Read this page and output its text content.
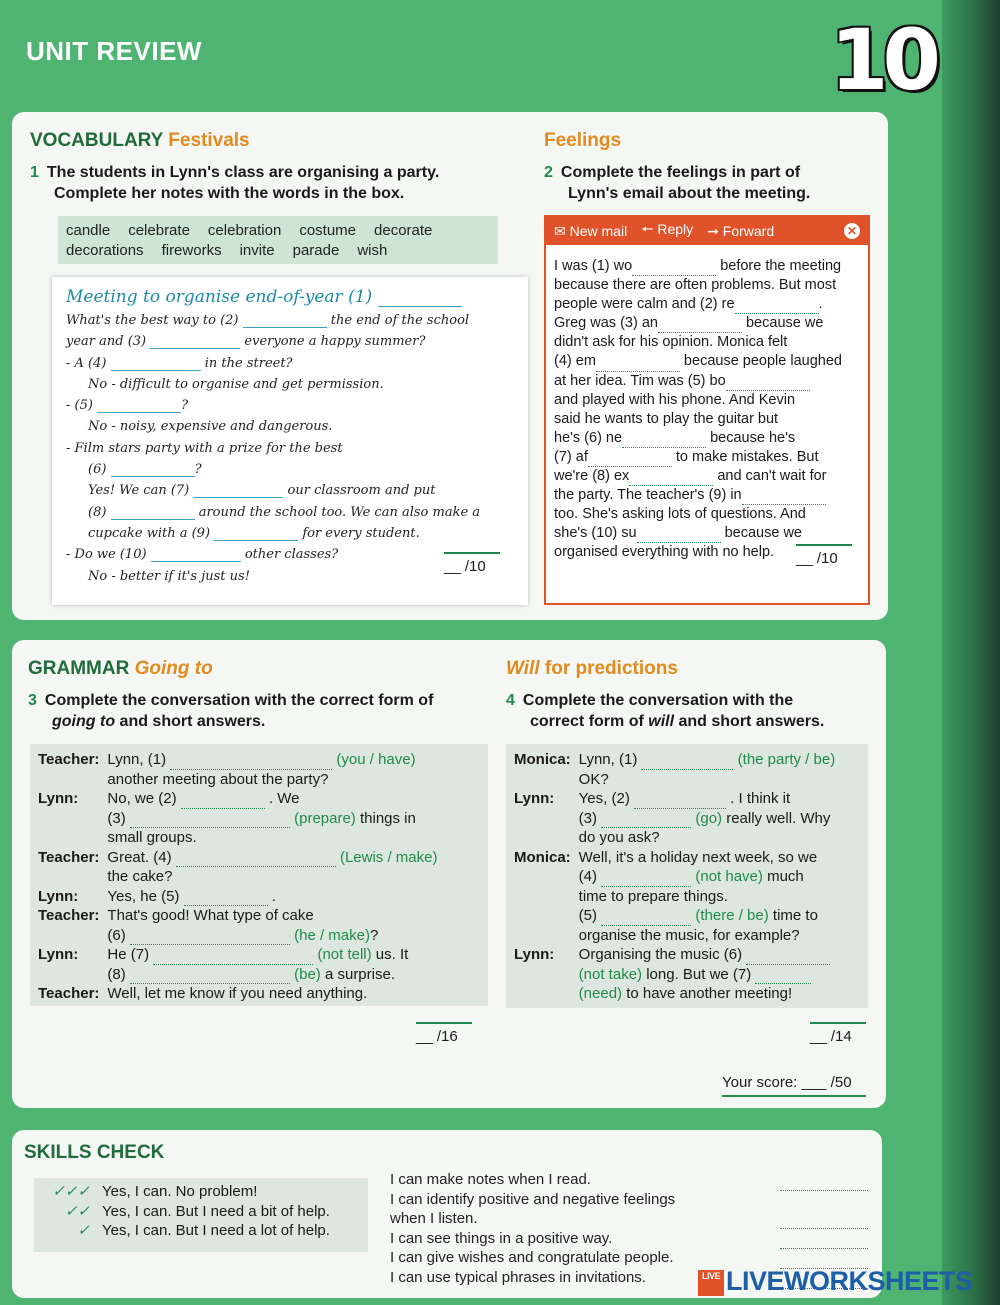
UNIT REVIEW	10
VOCABULARY Festivals
1 The students in Lynn's class are organising a party.
Complete her notes with the words in the box.
candle celebrate celebration costume decorate
decorations fireworks invite parade wish
Meeting to organise end-of-year (1)
What's the best way to (2)	the end of the school
year and (3)	everyone a happy summer?
- A (4)	in the street?
No - difficult to organise and get permission.
- (5)	?
No - noisy, expensive and dangerous.
- Film stars party with a prize for the best
(6)	?
Yes! We can (7)	our classroom and put
(8)	around the school too. We can also make a
cupcake with a (9)	for every student.
- Do we (10)	other classes?
No - better if it's just us!
__ /10
Feelings
2 Complete the feelings in part of
Lynn's email about the meeting.
✉ New mail 🠔 Reply ➞ Forward	✕
I was (1) wo	before the meeting
because there are often problems. But most
people were calm and (2) re	.
Greg was (3) an	because we
didn't ask for his opinion. Monica felt
(4) em	because people laughed
at her idea. Tim was (5) bo
and played with his phone. And Kevin
said he wants to play the guitar but
he's (6) ne	because he's
(7) af	to make mistakes. But
we're (8) ex	and can't wait for
the party. The teacher's (9) in
too. She's asking lots of questions. And
she's (10) su	because we
organised everything with no help.	__ /10
GRAMMAR Going to
3 Complete the conversation with the correct form of
going to and short answers.
Teacher:	Lynn, (1) (you / have)
another meeting about the party?
Lynn:	No, we (2) . We
(3) (prepare) things in
small groups.
Teacher:	Great. (4) (Lewis / make)
the cake?
Lynn:	Yes, he (5) .
Teacher:	That's good! What type of cake
(6) (he / make)?
Lynn:	He (7) (not tell) us. It
(8) (be) a surprise.
Teacher:	Well, let me know if you need anything.
__ /16
Will for predictions
4 Complete the conversation with the
correct form of will and short answers.
Monica:	Lynn, (1) (the party / be)
OK?
Lynn:	Yes, (2) . I think it
(3) (go) really well. Why
do you ask?
Monica:	Well, it's a holiday next week, so we
(4) (not have) much
time to prepare things.
(5) (there / be) time to
organise the music, for example?
Lynn:	Organising the music (6)
(not take) long. But we (7)
(need) to have another meeting!
__ /14
Your score: ___ /50
SKILLS CHECK
✓✓✓ Yes, I can. No problem!
✓✓ Yes, I can. But I need a bit of help.
✓ Yes, I can. But I need a lot of help.
I can make notes when I read.
I can identify positive and negative feelings
when I listen.
I can see things in a positive way.
I can give wishes and congratulate people.
I can use typical phrases in invitations.	LIVE LIVEWORKSHEETS
